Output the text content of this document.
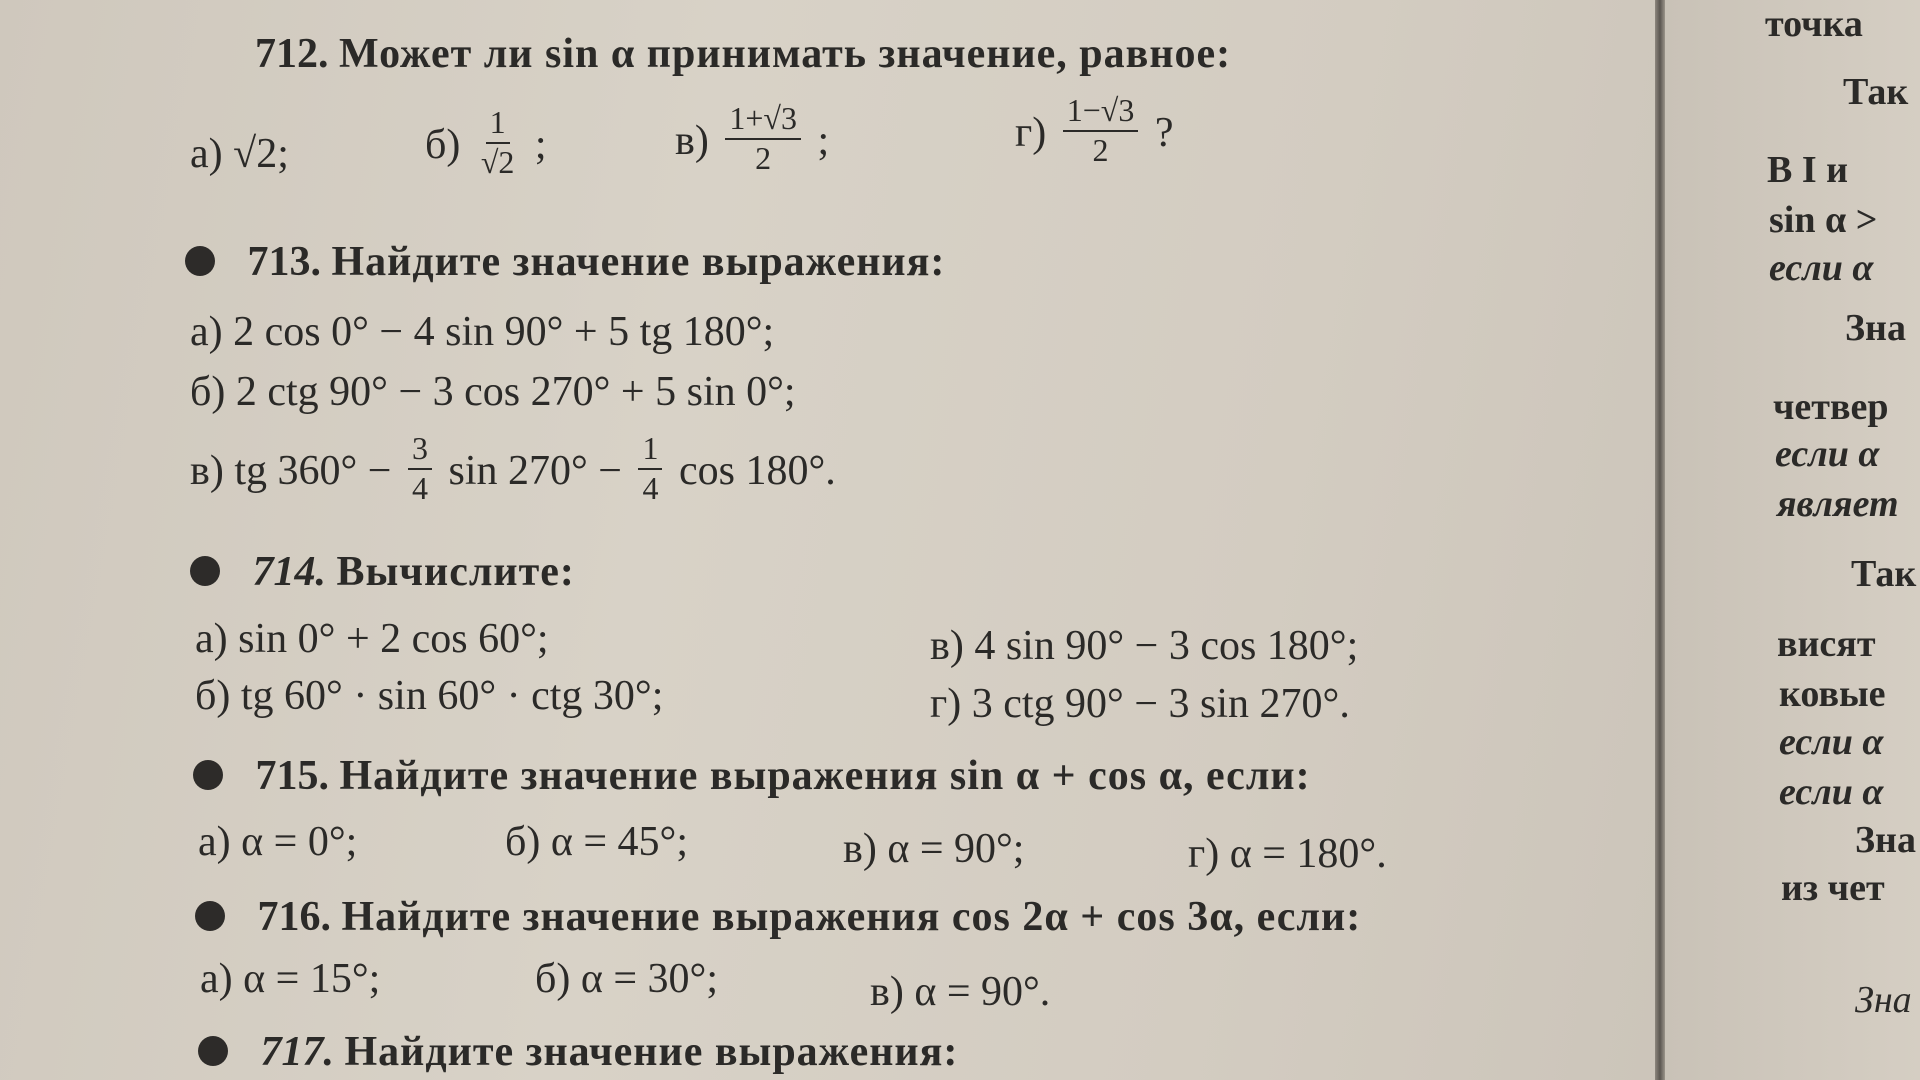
712. Может ли sin α принимать значение, равное:
а) √2;	$б) \frac{1}{√2}$ ;	$в) \frac{1+√3}{2}$ ;	$г) \frac{1-√3}{2}$ ?
713. Найдите значение выражения:
а) 2 cos 0° − 4 sin 90° + 5 tg 180°;
б) 2 ctg 90° − 3 cos 270° + 5 sin 0°;
в) tg $360^\circ - \frac{3}{4}$ $\sin 270^\circ - \frac{1}{4}$ cos 180°.
714. Вычислите:
а) sin 0° + 2 cos 60°;
б) tg 60° · sin 60° · ctg 30°;
в) 4 sin 90° − 3 cos 180°;
г) 3 ctg 90° − 3 sin 270°.
715. Найдите значение выражения sin α + cos α, если:
а) α = 0°;	б) α = 45°;	в) α = 90°;	г) α = 180°.
716. Найдите значение выражения cos 2α + cos 3α, если:
а) α = 15°;	б) α = 30°;	в) α = 90°.
717. Найдите значение выражения:
точка
Так
В I и
sin α >
если α
Зна
четвер
если α
являет
Так
висят
ковые
если α
если α
Зна
из чет
Зна
